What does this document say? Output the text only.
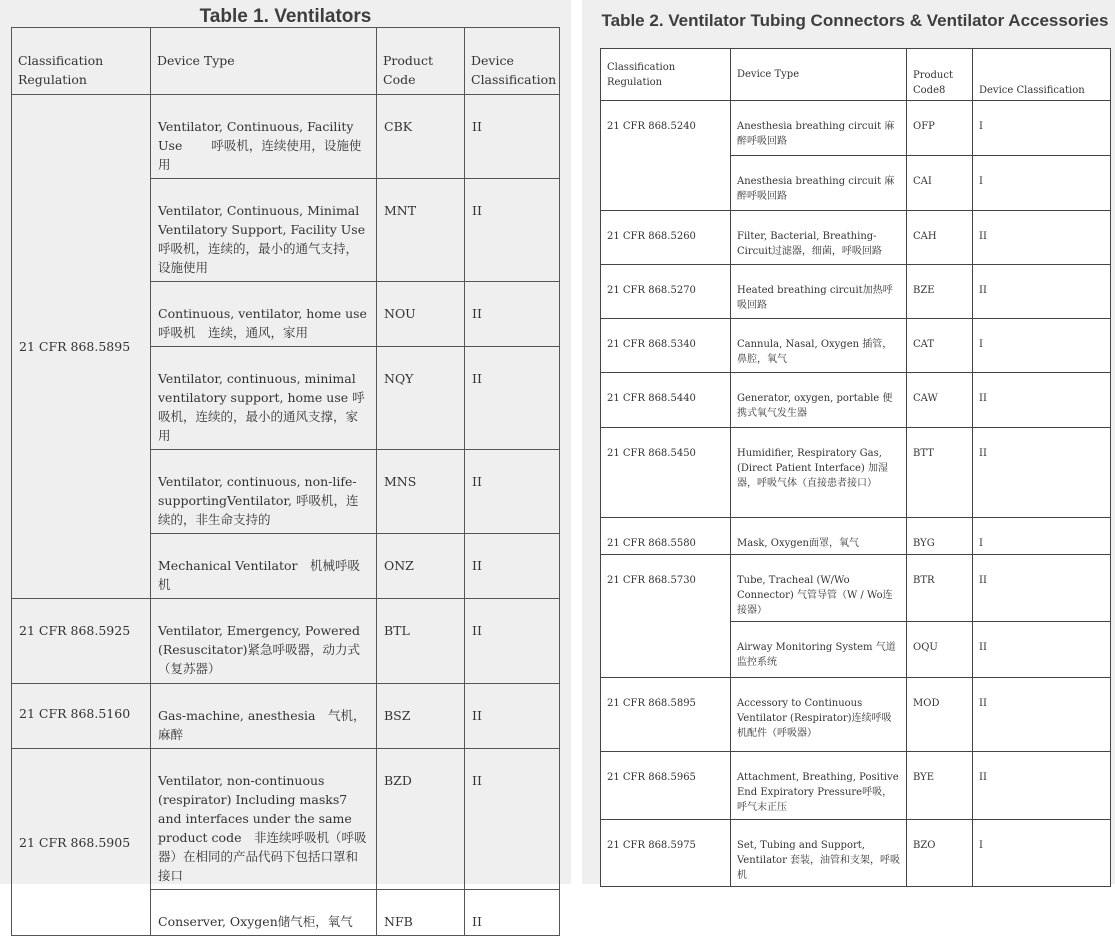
Table 1. Ventilators
Classification Regulation	Device Type	Product Code	Device Classification
21 CFR 868.5895	Ventilator, Continuous, Facility Use　　 呼吸机，连续使用，设施使用	CBK	II
	Ventilator, Continuous, Minimal Ventilatory Support, Facility Use呼吸机，连续的，最小的通气支持，设施使用	MNT	II
	Continuous, ventilator, home use 呼吸机　连续，通风，家用	NOU	II
	Ventilator, continuous, minimal ventilatory support, home use 呼吸机，连续的，最小的通风支撑，家用	NQY	II
	Ventilator, continuous, non-life-supportingVentilator, 呼吸机，连续的，非生命支持的	MNS	II
	Mechanical Ventilator　机械呼吸机	ONZ	II
21 CFR 868.5925	Ventilator, Emergency, Powered (Resuscitator)紧急呼吸器，动力式（复苏器）	BTL	II
21 CFR 868.5160	Gas-machine, anesthesia　气机，麻醉	BSZ	II
21 CFR 868.5905	Ventilator, non-continuous (respirator) Including masks7 and interfaces under the same product code　非连续呼吸机（呼吸器）在相同的产品代码下包括口罩和接口	BZD	II
	Conserver, Oxygen储气柜，氧气	NFB	II
Table 2. Ventilator Tubing Connectors & Ventilator Accessories
Classification Regulation	Device Type	Product Code8	Device Classification
21 CFR 868.5240	Anesthesia breathing circuit 麻醉呼吸回路	OFP	I
	Anesthesia breathing circuit 麻醉呼吸回路	CAI	I
21 CFR 868.5260	Filter, Bacterial, Breathing-Circuit过滤器，细菌，呼吸回路	CAH	II
21 CFR 868.5270	Heated breathing circuit加热呼吸回路	BZE	II
21 CFR 868.5340	Cannula, Nasal, Oxygen 插管，鼻腔，氧气	CAT	I
21 CFR 868.5440	Generator, oxygen, portable 便携式氧气发生器	CAW	II
21 CFR 868.5450	Humidifier, Respiratory Gas, (Direct Patient Interface) 加湿器，呼吸气体（直接患者接口）	BTT	II
21 CFR 868.5580	Mask, Oxygen面罩，氧气	BYG	I
21 CFR 868.5730	Tube, Tracheal (W/Wo Connector) 气管导管（W / Wo连接器）	BTR	II
	Airway Monitoring System 气道监控系统	OQU	II
21 CFR 868.5895	Accessory to Continuous Ventilator (Respirator)连续呼吸机配件（呼吸器）	MOD	II
21 CFR 868.5965	Attachment, Breathing, Positive End Expiratory Pressure呼吸，呼气末正压	BYE	II
21 CFR 868.5975	Set, Tubing and Support, Ventilator 套装，油管和支架，呼吸机	BZO	I
